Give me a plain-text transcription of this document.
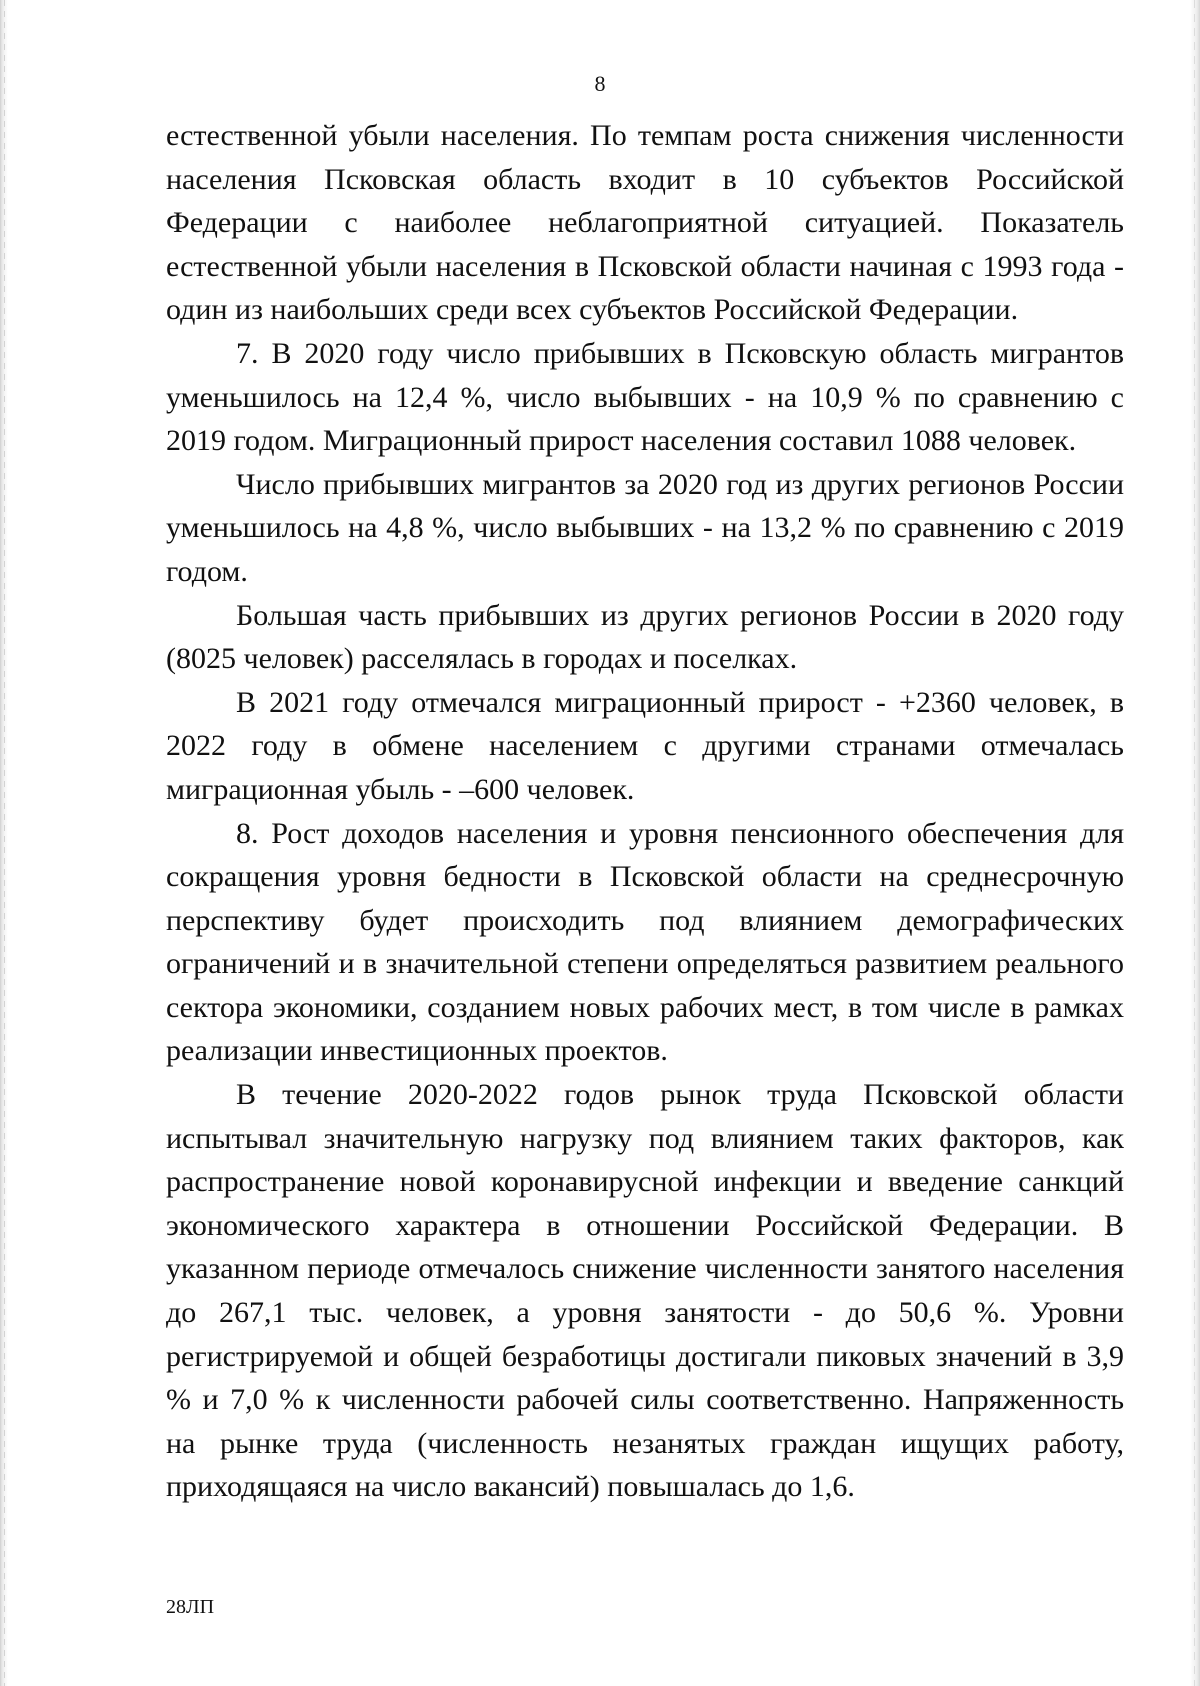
8

естественной убыли населения. По темпам роста снижения численности населения Псковская область входит в 10 субъектов Российской Федерации с наиболее неблагоприятной ситуацией. Показатель естественной убыли населения в Псковской области начиная с 1993 года - один из наибольших среди всех субъектов Российской Федерации.

7. В 2020 году число прибывших в Псковскую область мигрантов уменьшилось на 12,4 %, число выбывших - на 10,9 % по сравнению с 2019 годом. Миграционный прирост населения составил 1088 человек.

Число прибывших мигрантов за 2020 год из других регионов России уменьшилось на 4,8 %, число выбывших - на 13,2 % по сравнению с 2019 годом.

Большая часть прибывших из других регионов России в 2020 году (8025 человек) расселялась в городах и поселках.

В 2021 году отмечался миграционный прирост - +2360 человек, в 2022 году в обмене населением с другими странами отмечалась миграционная убыль - –600 человек.

8. Рост доходов населения и уровня пенсионного обеспечения для сокращения уровня бедности в Псковской области на среднесрочную перспективу будет происходить под влиянием демографических ограничений и в значительной степени определяться развитием реального сектора экономики, созданием новых рабочих мест, в том числе в рамках реализации инвестиционных проектов.

В течение 2020-2022 годов рынок труда Псковской области испытывал значительную нагрузку под влиянием таких факторов, как распространение новой коронавирусной инфекции и введение санкций экономического характера в отношении Российской Федерации. В указанном периоде отмечалось снижение численности занятого населения до 267,1 тыс. человек, а уровня занятости - до 50,6 %. Уровни регистрируемой и общей безработицы достигали пиковых значений в 3,9 % и 7,0 % к численности рабочей силы соответственно. Напряженность на рынке труда (численность незанятых граждан ищущих работу, приходящаяся на число вакансий) повышалась до 1,6.

28ЛП
